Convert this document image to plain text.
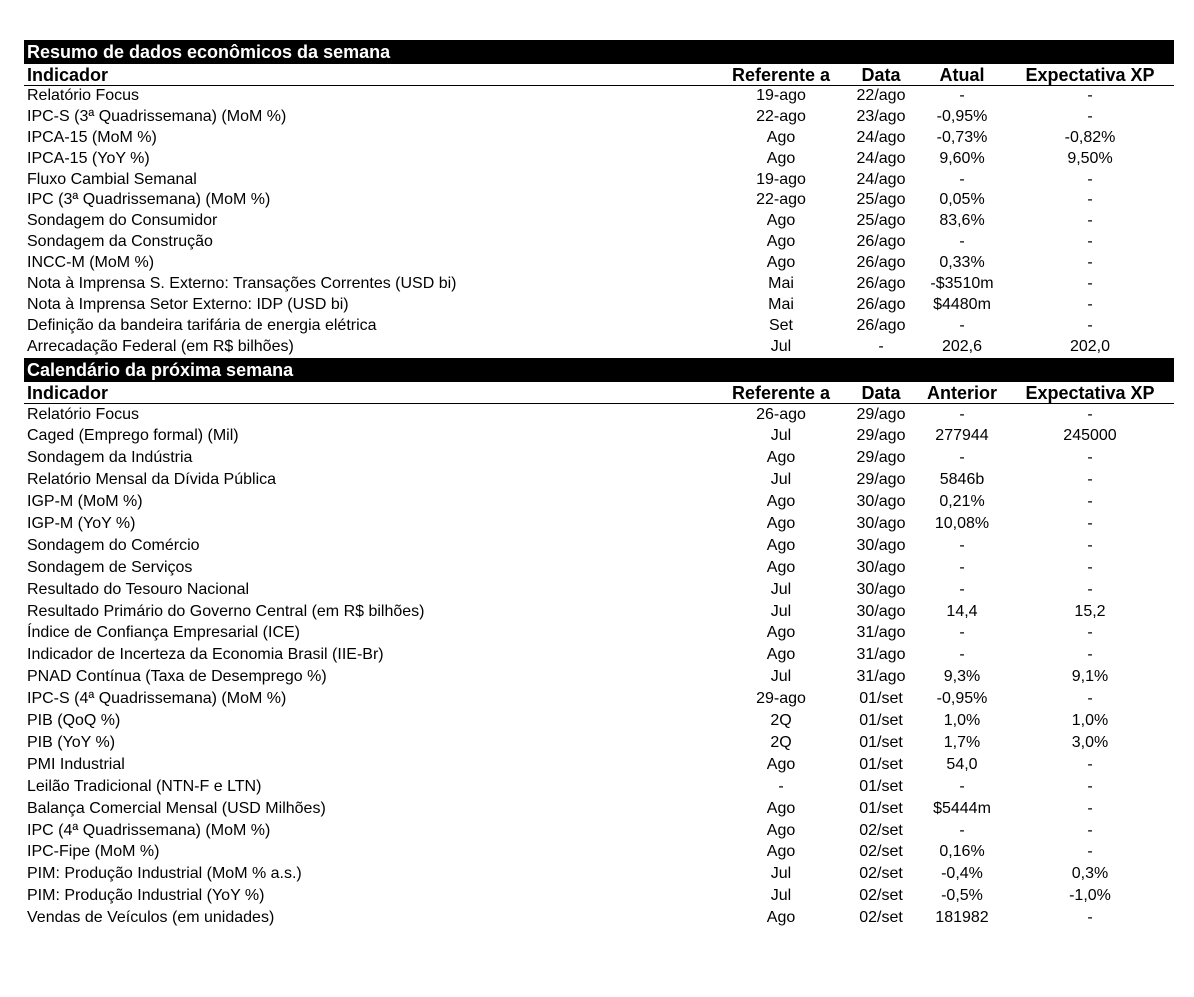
Resumo de dados econômicos da semana
Indicador	Referente a	Data	Atual	Expectativa XP
Relatório Focus	19-ago	22/ago	-	-
IPC-S (3ª Quadrissemana) (MoM %)	22-ago	23/ago	-0,95%	-
IPCA-15 (MoM %)	Ago	24/ago	-0,73%	-0,82%
IPCA-15 (YoY %)	Ago	24/ago	9,60%	9,50%
Fluxo Cambial Semanal	19-ago	24/ago	-	-
IPC (3ª Quadrissemana) (MoM %)	22-ago	25/ago	0,05%	-
Sondagem do Consumidor	Ago	25/ago	83,6%	-
Sondagem da Construção	Ago	26/ago	-	-
INCC-M (MoM %)	Ago	26/ago	0,33%	-
Nota à Imprensa S. Externo: Transações Correntes (USD bi)	Mai	26/ago	-$3510m	-
Nota à Imprensa Setor Externo: IDP (USD bi)	Mai	26/ago	$4480m	-
Definição da bandeira tarifária de energia elétrica	Set	26/ago	-	-
Arrecadação Federal (em R$ bilhões)	Jul	-	202,6	202,0
Calendário da próxima semana
Indicador	Referente a	Data	Anterior	Expectativa XP
Relatório Focus	26-ago	29/ago	-	-
Caged (Emprego formal) (Mil)	Jul	29/ago	277944	245000
Sondagem da Indústria	Ago	29/ago	-	-
Relatório Mensal da Dívida Pública	Jul	29/ago	5846b	-
IGP-M (MoM %)	Ago	30/ago	0,21%	-
IGP-M (YoY %)	Ago	30/ago	10,08%	-
Sondagem do Comércio	Ago	30/ago	-	-
Sondagem de Serviços	Ago	30/ago	-	-
Resultado do Tesouro Nacional	Jul	30/ago	-	-
Resultado Primário do Governo Central (em R$ bilhões)	Jul	30/ago	14,4	15,2
Índice de Confiança Empresarial (ICE)	Ago	31/ago	-	-
Indicador de Incerteza da Economia Brasil (IIE-Br)	Ago	31/ago	-	-
PNAD Contínua (Taxa de Desemprego %)	Jul	31/ago	9,3%	9,1%
IPC-S (4ª Quadrissemana) (MoM %)	29-ago	01/set	-0,95%	-
PIB (QoQ %)	2Q	01/set	1,0%	1,0%
PIB (YoY %)	2Q	01/set	1,7%	3,0%
PMI Industrial	Ago	01/set	54,0	-
Leilão Tradicional (NTN-F e LTN)	-	01/set	-	-
Balança Comercial Mensal (USD Milhões)	Ago	01/set	$5444m	-
IPC (4ª Quadrissemana) (MoM %)	Ago	02/set	-	-
IPC-Fipe (MoM %)	Ago	02/set	0,16%	-
PIM: Produção Industrial (MoM % a.s.)	Jul	02/set	-0,4%	0,3%
PIM: Produção Industrial (YoY %)	Jul	02/set	-0,5%	-1,0%
Vendas de Veículos (em unidades)	Ago	02/set	181982	-
